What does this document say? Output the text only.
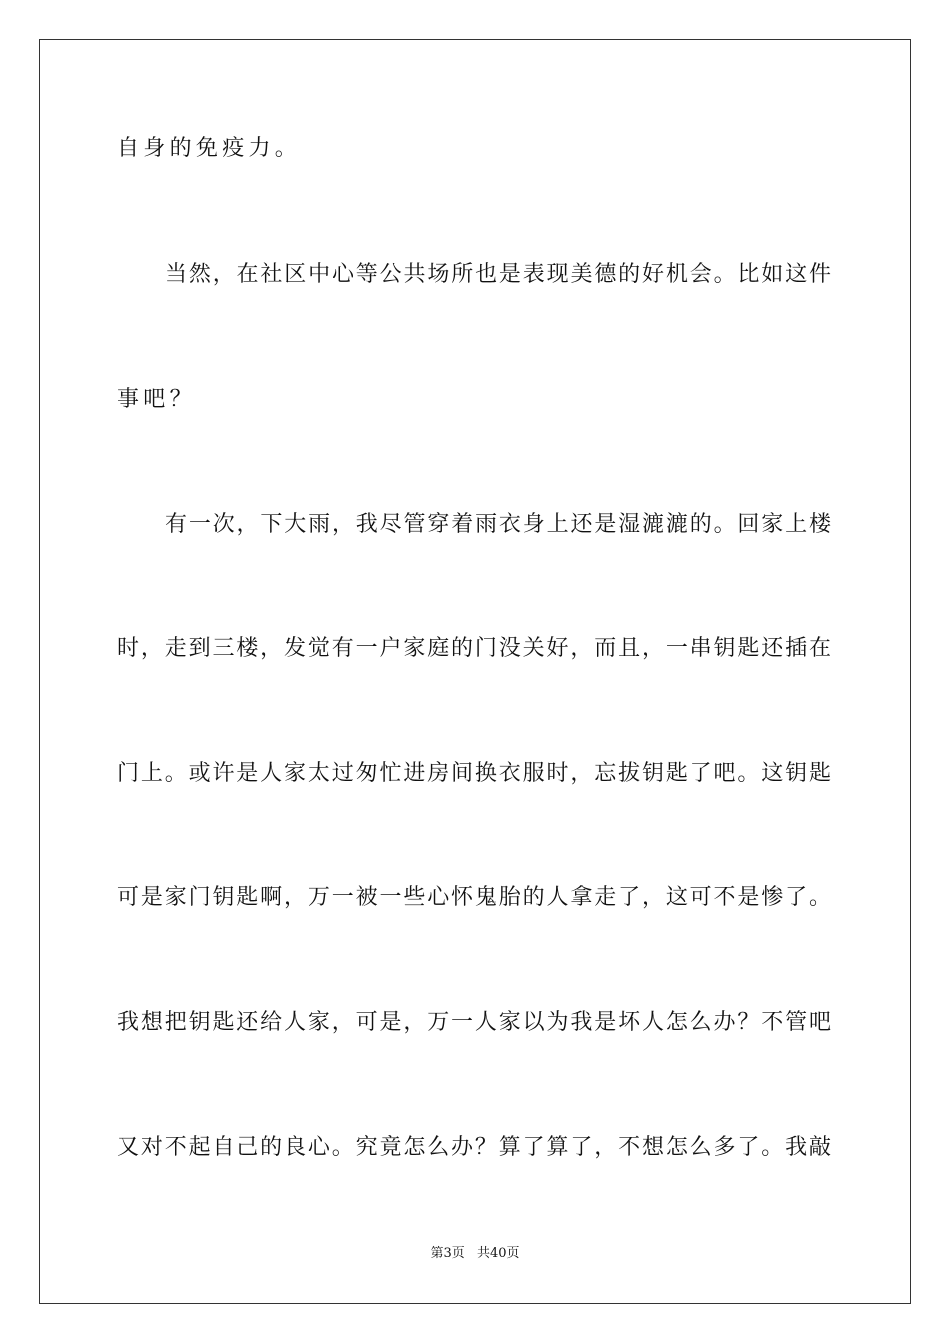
自身的免疫力。
当然，在社区中心等公共场所也是表现美德的好机会。比如这件
事吧？
有一次，下大雨，我尽管穿着雨衣身上还是湿漉漉的。回家上楼
时，走到三楼，发觉有一户家庭的门没关好，而且，一串钥匙还插在
门上。或许是人家太过匆忙进房间换衣服时，忘拔钥匙了吧。这钥匙
可是家门钥匙啊，万一被一些心怀鬼胎的人拿走了，这可不是惨了。
我想把钥匙还给人家，可是，万一人家以为我是坏人怎么办？不管吧
又对不起自己的良心。究竟怎么办？算了算了，不想怎么多了。我敲
第3页 共40页
